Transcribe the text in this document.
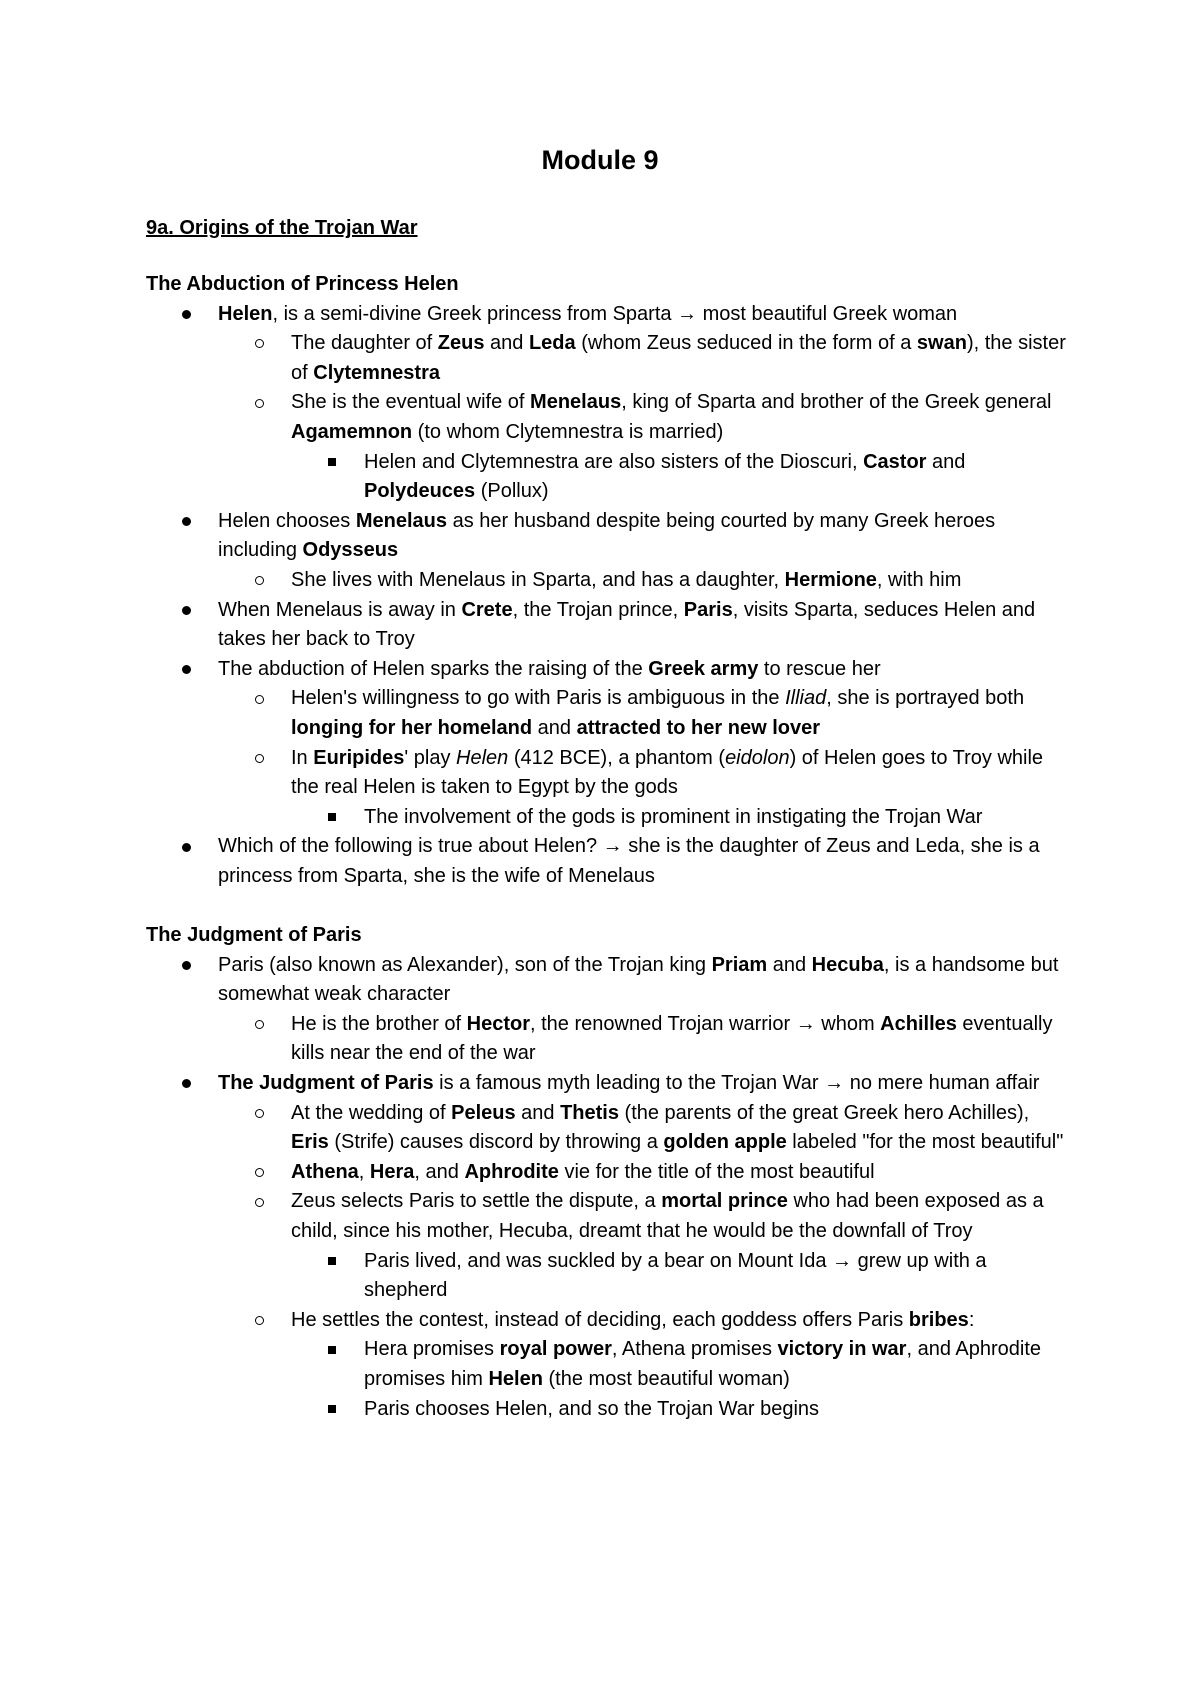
Module 9
9a. Origins of the Trojan War
The Abduction of Princess Helen
Helen, is a semi-divine Greek princess from Sparta → most beautiful Greek woman
The daughter of Zeus and Leda (whom Zeus seduced in the form of a swan), the sister of Clytemnestra
She is the eventual wife of Menelaus, king of Sparta and brother of the Greek general Agamemnon (to whom Clytemnestra is married)
Helen and Clytemnestra are also sisters of the Dioscuri, Castor and Polydeuces (Pollux)
Helen chooses Menelaus as her husband despite being courted by many Greek heroes including Odysseus
She lives with Menelaus in Sparta, and has a daughter, Hermione, with him
When Menelaus is away in Crete, the Trojan prince, Paris, visits Sparta, seduces Helen and takes her back to Troy
The abduction of Helen sparks the raising of the Greek army to rescue her
Helen's willingness to go with Paris is ambiguous in the Illiad, she is portrayed both longing for her homeland and attracted to her new lover
In Euripides' play Helen (412 BCE), a phantom (eidolon) of Helen goes to Troy while the real Helen is taken to Egypt by the gods
The involvement of the gods is prominent in instigating the Trojan War
Which of the following is true about Helen? → she is the daughter of Zeus and Leda, she is a princess from Sparta, she is the wife of Menelaus
The Judgment of Paris
Paris (also known as Alexander), son of the Trojan king Priam and Hecuba, is a handsome but somewhat weak character
He is the brother of Hector, the renowned Trojan warrior → whom Achilles eventually kills near the end of the war
The Judgment of Paris is a famous myth leading to the Trojan War → no mere human affair
At the wedding of Peleus and Thetis (the parents of the great Greek hero Achilles), Eris (Strife) causes discord by throwing a golden apple labeled "for the most beautiful"
Athena, Hera, and Aphrodite vie for the title of the most beautiful
Zeus selects Paris to settle the dispute, a mortal prince who had been exposed as a child, since his mother, Hecuba, dreamt that he would be the downfall of Troy
Paris lived, and was suckled by a bear on Mount Ida → grew up with a shepherd
He settles the contest, instead of deciding, each goddess offers Paris bribes:
Hera promises royal power, Athena promises victory in war, and Aphrodite promises him Helen (the most beautiful woman)
Paris chooses Helen, and so the Trojan War begins
